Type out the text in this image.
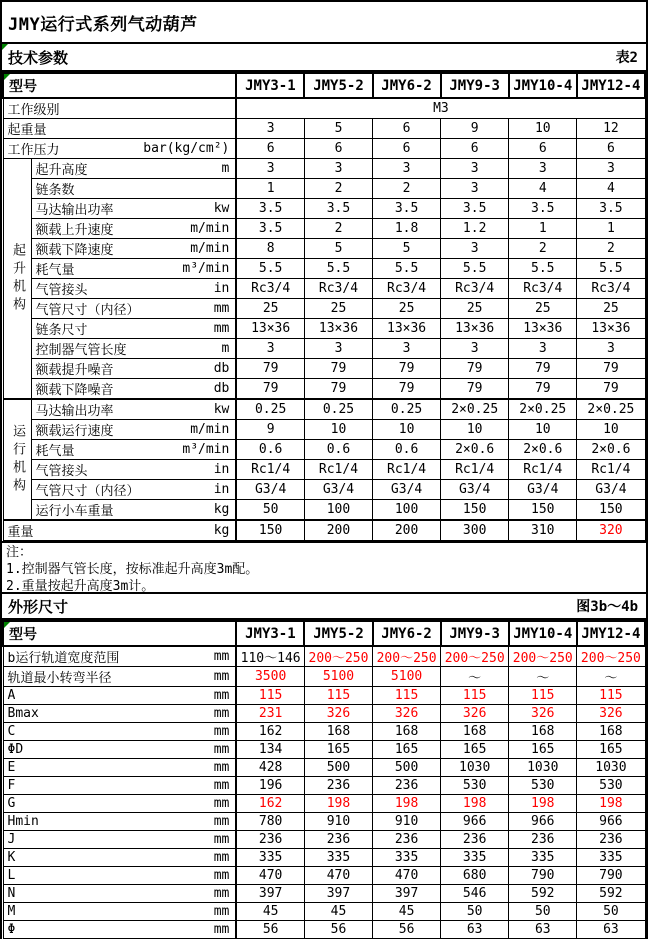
JMY运行式系列气动葫芦
技术参数	表2
型号		JMY3-1	JMY5-2	JMY6-2	JMY9-3	JMY10-4	JMY12-4

工作级别		M3					

起重量		3	5	6	9	10	12

工作压力 bar(kg/cm²)		6	6	6	6	6	6
起升机构	起升高度 m	3	3	3	3	3	3

	链条数	1	2	2	3	4	4

	马达输出功率 kw	3.5	3.5	3.5	3.5	3.5	3.5

	额载上升速度 m/min	3.5	2	1.8	1.2	1	1

	额载下降速度 m/min	8	5	5	3	2	2

	耗气量 m³/min	5.5	5.5	5.5	5.5	5.5	5.5

	气管接头 in	Rc3/4	Rc3/4	Rc3/4	Rc3/4	Rc3/4	Rc3/4

	气管尺寸（内径） mm	25	25	25	25	25	25

	链条尺寸 mm	13×36	13×36	13×36	13×36	13×36	13×36

	控制器气管长度 m	3	3	3	3	3	3

	额载提升噪音 db	79	79	79	79	79	79

	额载下降噪音 db	79	79	79	79	79	79
运行机构	马达输出功率 kw	0.25	0.25	0.25	2×0.25	2×0.25	2×0.25

	额载运行速度 m/min	9	10	10	10	10	10

	耗气量 m³/min	0.6	0.6	0.6	2×0.6	2×0.6	2×0.6

	气管接头 in	Rc1/4	Rc1/4	Rc1/4	Rc1/4	Rc1/4	Rc1/4

	气管尺寸（内径） in	G3/4	G3/4	G3/4	G3/4	G3/4	G3/4

	运行小车重量 kg	50	100	100	150	150	150

重量 kg		150	200	200	300	310	320
注：
1.控制器气管长度，按标准起升高度3m配。
2.重量按起升高度3m计。
外形尺寸	图3b～4b
型号	JMY3-1	JMY5-2	JMY6-2	JMY9-3	JMY10-4	JMY12-4

b运行轨道宽度范围 mm	110～146	200～250	200～250	200～250	200～250	200～250

轨道最小转弯半径 mm	3500	5100	5100	～	～	～

A mm	115	115	115	115	115	115

Bmax mm	231	326	326	326	326	326

C mm	162	168	168	168	168	168

ΦD mm	134	165	165	165	165	165

E mm	428	500	500	1030	1030	1030

F mm	196	236	236	530	530	530

G mm	162	198	198	198	198	198

Hmin mm	780	910	910	966	966	966

J mm	236	236	236	236	236	236

K mm	335	335	335	335	335	335

L mm	470	470	470	680	790	790

N mm	397	397	397	546	592	592

M mm	45	45	45	50	50	50

Φ mm	56	56	56	63	63	63
